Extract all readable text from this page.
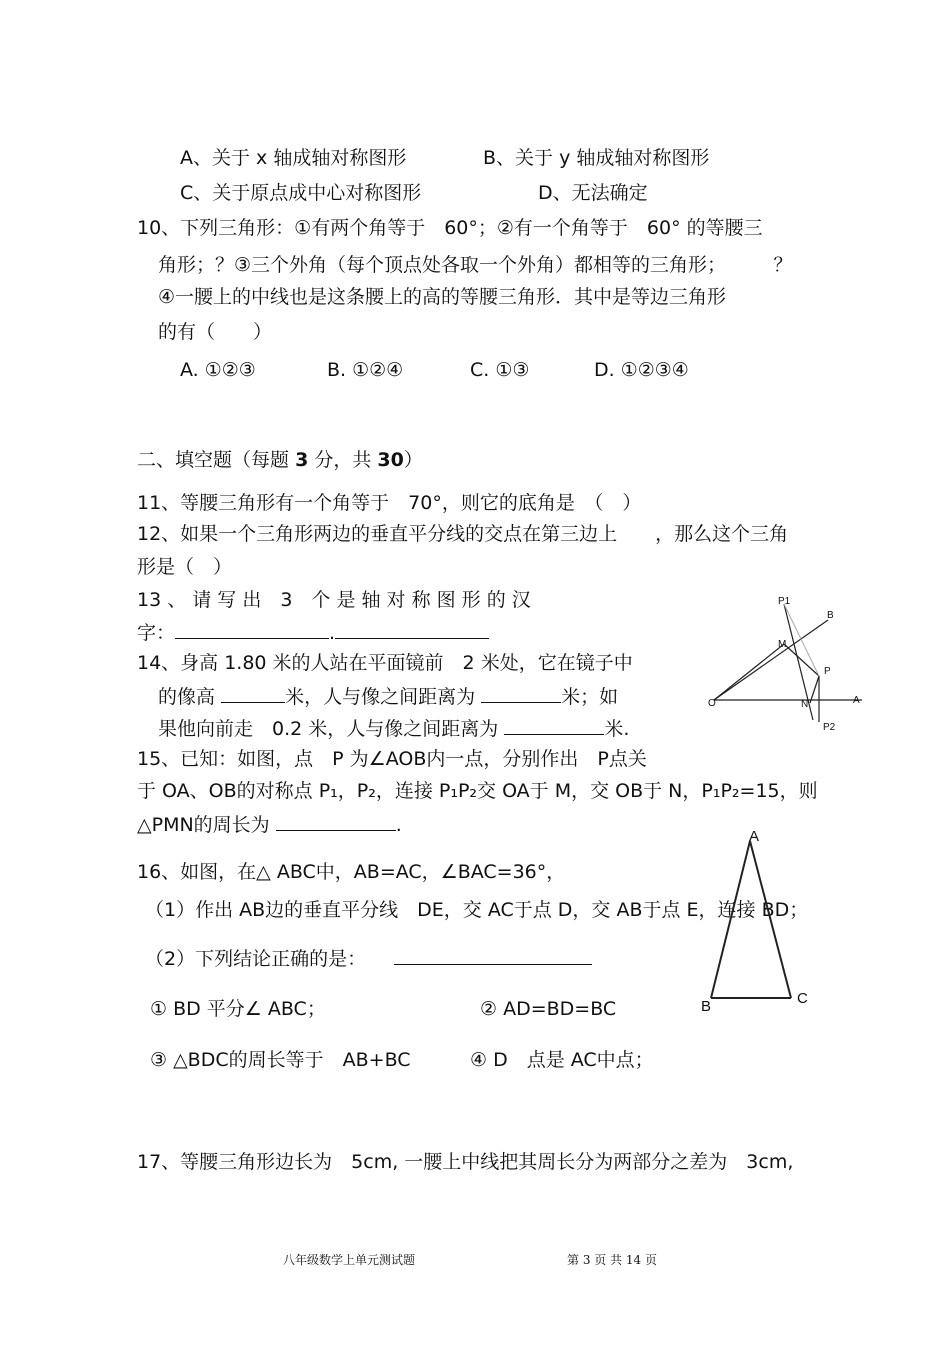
A、关于 x 轴成轴对称图形	B、关于 y 轴成轴对称图形
C、关于原点成中心对称图形	D、无法确定
10、下列三角形：①有两个角等于　60°；②有一个角等于　60° 的等腰三
角形；？③三个外角（每个顶点处各取一个外角）都相等的三角形；　　　？
④一腰上的中线也是这条腰上的高的等腰三角形．其中是等边三角形
的有（　　）
A. ①②③	B. ①②④	C. ①③	D. ①②③④
二、填空题（每题 3 分，共 30）
11、等腰三角形有一个角等于　70°，则它的底角是　（　）
12、如果一个三角形两边的垂直平分线的交点在第三边上　　，那么这个三角
形是（　）
13 、 请 写 出　3　个 是 轴 对 称 图 形 的 汉
字：	.
14、身高 1.80 米的人站在平面镜前　2 米处，它在镜子中
的像高	米，人与像之间距离为	米；如
果他向前走　0.2 米，人与像之间距离为	米.
15、已知：如图，点　P 为∠AOB内一点，分别作出　P点关
于 OA、OB的对称点 P₁，P₂，连接 P₁P₂交 OA于 M，交 OB于 N，P₁P₂=15，则
△PMN的周长为	.
16、如图，在△ ABC中，AB=AC，∠BAC=36°，
（1）作出 AB边的垂直平分线　DE，交 AC于点 D，交 AB于点 E，连接 BD；
（2）下列结论正确的是：
① BD 平分∠ ABC；	② AD=BD=BC
③ △BDC的周长等于　AB+BC	④ D　点是 AC中点；
17、等腰三角形边长为　5cm, 一腰上中线把其周长分为两部分之差为　3cm,
P1
B
M
P
O	N	A
P2
A
B	C
八年级数学上单元测试题	第 3 页 共 14 页
